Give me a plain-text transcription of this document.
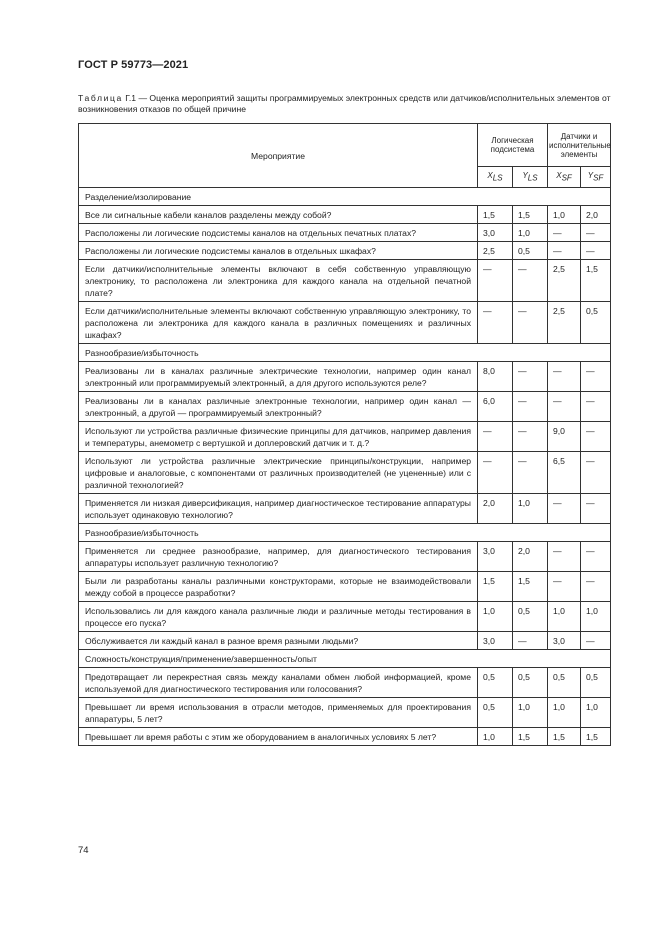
ГОСТ Р 59773—2021
Таблица Г.1 — Оценка мероприятий защиты программируемых электронных средств или датчиков/исполнительных элементов от возникновения отказов по общей причине
Мероприятие	Логическая подсистема		Датчики и исполнительные элементы	
	$X_{LS}$	$Y_{LS}$	$X_{SF}$	$Y_{SF}$
Разделение/изолирование				
Все ли сигнальные кабели каналов разделены между собой?	1,5	1,5	1,0	2,0
Расположены ли логические подсистемы каналов на отдельных печатных платах?	3,0	1,0	—	—
Расположены ли логические подсистемы каналов в отдельных шкафах?	2,5	0,5	—	—
Если датчики/исполнительные элементы включают в себя собственную управляющую электронику, то расположена ли электроника для каждого канала на отдельной печатной плате?	—	—	2,5	1,5
Если датчики/исполнительные элементы включают собственную управляющую электронику, то расположена ли электроника для каждого канала в различных помещениях и различных шкафах?	—	—	2,5	0,5
Разнообразие/избыточность				
Реализованы ли в каналах различные электрические технологии, например один канал электронный или программируемый электронный, а для другого используются реле?	8,0	—	—	—
Реализованы ли в каналах различные электронные технологии, например один канал — электронный, а другой — программируемый электронный?	6,0	—	—	—
Используют ли устройства различные физические принципы для датчиков, например давления и температуры, анемометр с вертушкой и доплеровский датчик и т. д.?	—	—	9,0	—
Используют ли устройства различные электрические принципы/конструкции, например цифровые и аналоговые, с компонентами от различных производителей (не уцененные) или с различной технологией?	—	—	6,5	—
Применяется ли низкая диверсификация, например диагностическое тестирование аппаратуры использует одинаковую технологию?	2,0	1,0	—	—
Разнообразие/избыточность				
Применяется ли среднее разнообразие, например, для диагностического тестирования аппаратуры использует различную технологию?	3,0	2,0	—	—
Были ли разработаны каналы различными конструкторами, которые не взаимодействовали между собой в процессе разработки?	1,5	1,5	—	—
Использовались ли для каждого канала различные люди и различные методы тестирования в процессе его пуска?	1,0	0,5	1,0	1,0
Обслуживается ли каждый канал в разное время разными людьми?	3,0	—	3,0	—
Сложность/конструкция/применение/завершенность/опыт				
Предотвращает ли перекрестная связь между каналами обмен любой информацией, кроме используемой для диагностического тестирования или голосования?	0,5	0,5	0,5	0,5
Превышает ли время использования в отрасли методов, применяемых для проектирования аппаратуры, 5 лет?	0,5	1,0	1,0	1,0
Превышает ли время работы с этим же оборудованием в аналогичных условиях 5 лет?	1,0	1,5	1,5	1,5
74
